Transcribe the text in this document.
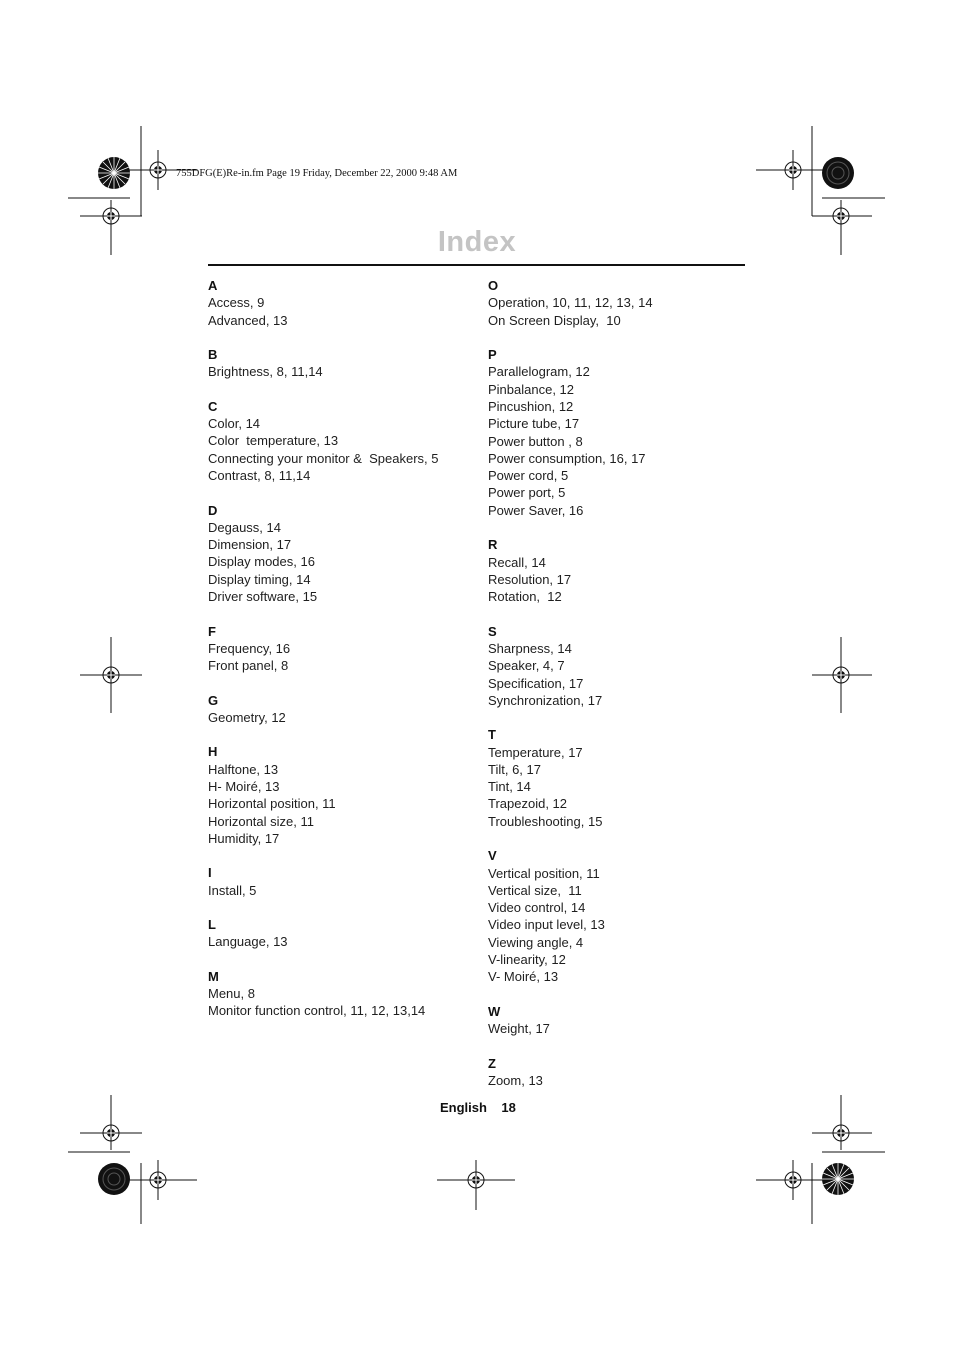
755DFG(E)Re-in.fm Page 19 Friday, December 22, 2000 9:48 AM
Index
A
Access, 9
Advanced, 13
B
Brightness, 8, 11,14
C
Color, 14
Color  temperature, 13
Connecting your monitor &  Speakers, 5
Contrast, 8, 11,14
D
Degauss, 14
Dimension, 17
Display modes, 16
Display timing, 14
Driver software, 15
F
Frequency, 16
Front panel, 8
G
Geometry, 12
H
Halftone, 13
H- Moiré, 13
Horizontal position, 11
Horizontal size, 11
Humidity, 17
I
Install, 5
L
Language, 13
M
Menu, 8
Monitor function control, 11, 12, 13,14
O
Operation, 10, 11, 12, 13, 14
On Screen Display,  10
P
Parallelogram, 12
Pinbalance, 12
Pincushion, 12
Picture tube, 17
Power button , 8
Power consumption, 16, 17
Power cord, 5
Power port, 5
Power Saver, 16
R
Recall, 14
Resolution, 17
Rotation,  12
S
Sharpness, 14
Speaker, 4, 7
Specification, 17
Synchronization, 17
T
Temperature, 17
Tilt, 6, 17
Tint, 14
Trapezoid, 12
Troubleshooting, 15
V
Vertical position, 11
Vertical size,  11
Video control, 14
Video input level, 13
Viewing angle, 4
V-linearity, 12
V- Moiré, 13
W
Weight, 17
Z
Zoom, 13
English 18
